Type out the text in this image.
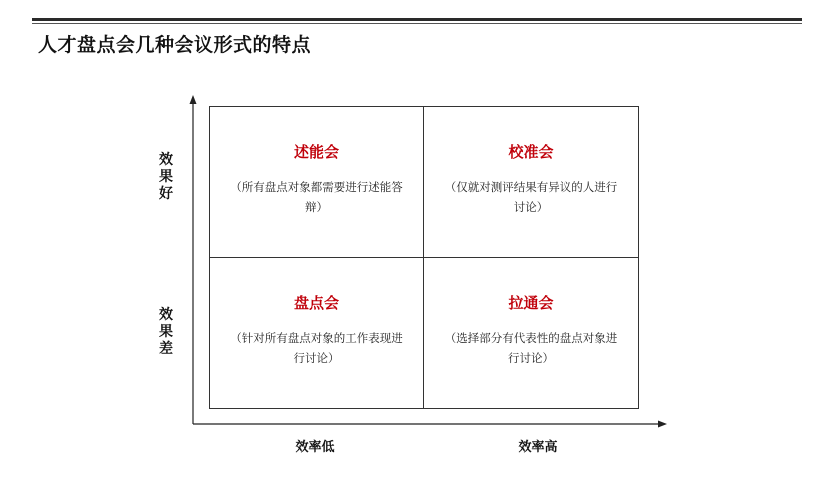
人才盘点会几种会议形式的特点
效
果
好
效
果
差
述能会
（所有盘点对象都需要进行述能答辩）
校准会
（仅就对测评结果有异议的人进行讨论）
盘点会
（针对所有盘点对象的工作表现进行讨论）
拉通会
（选择部分有代表性的盘点对象进行讨论）
效率低	效率高
